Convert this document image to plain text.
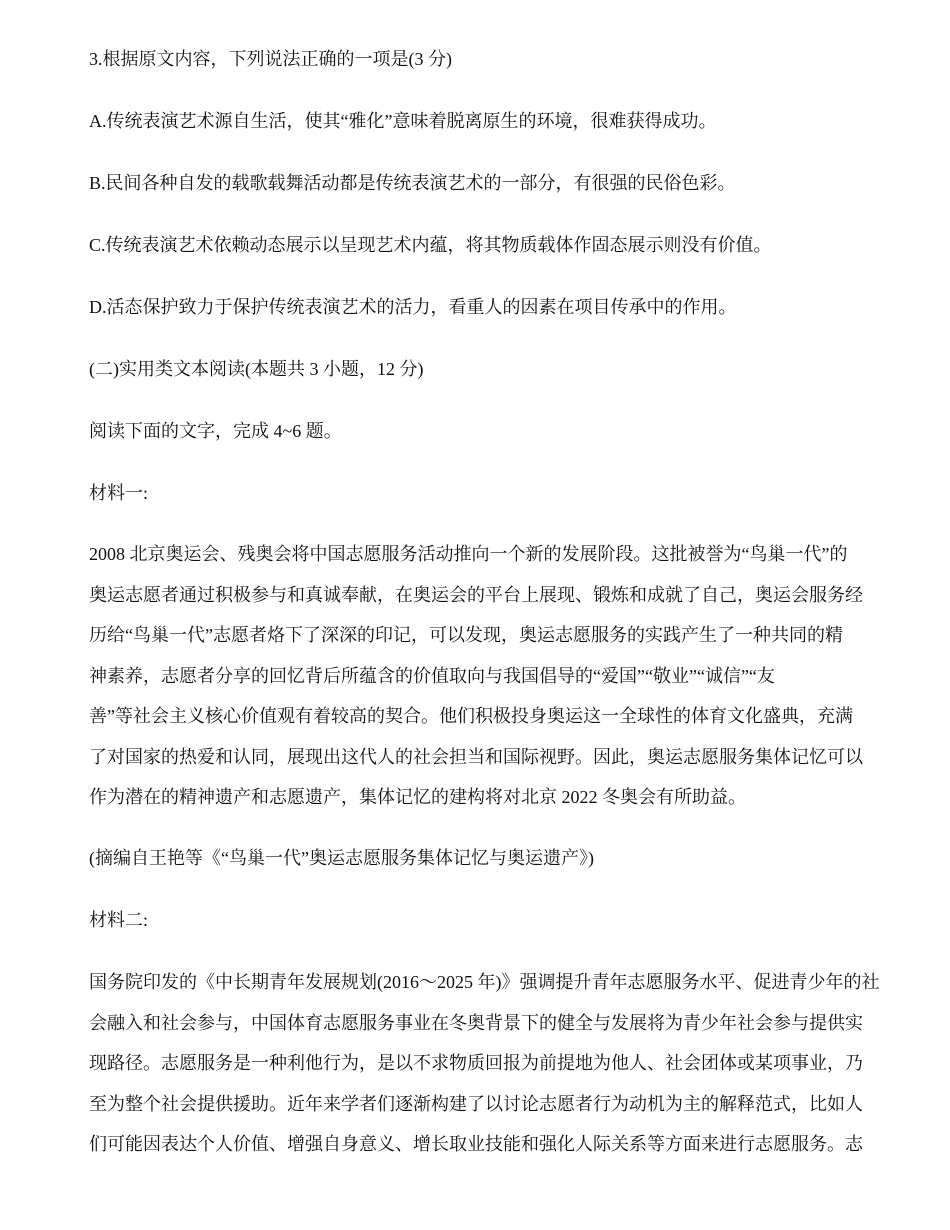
3.根据原文内容，下列说法正确的一项是(3 分)
A.传统表演艺术源自生活，使其“雅化”意味着脱离原生的环境，很难获得成功。
B.民间各种自发的载歌载舞活动都是传统表演艺术的一部分，有很强的民俗色彩。
C.传统表演艺术依赖动态展示以呈现艺术内蕴，将其物质载体作固态展示则没有价值。
D.活态保护致力于保护传统表演艺术的活力，看重人的因素在项目传承中的作用。
(二)实用类文本阅读(本题共 3 小题，12 分)
阅读下面的文字，完成 4~6 题。
材料一:
2008 北京奥运会、残奥会将中国志愿服务活动推向一个新的发展阶段。这批被誉为“鸟巢一代”的
奥运志愿者通过积极参与和真诚奉献，在奥运会的平台上展现、锻炼和成就了自己，奥运会服务经
历给“鸟巢一代”志愿者烙下了深深的印记，可以发现，奥运志愿服务的实践产生了一种共同的精
神素养，志愿者分享的回忆背后所蕴含的价值取向与我国倡导的“爱国”“敬业”“诚信”“友
善”等社会主义核心价值观有着较高的契合。他们积极投身奥运这一全球性的体育文化盛典，充满
了对国家的热爱和认同，展现出这代人的社会担当和国际视野。因此，奥运志愿服务集体记忆可以
作为潜在的精神遗产和志愿遗产，集体记忆的建构将对北京 2022 冬奥会有所助益。
(摘编自王艳等《“鸟巢一代”奥运志愿服务集体记忆与奥运遗产》)
材料二:
国务院印发的《中长期青年发展规划(2016～2025 年)》强调提升青年志愿服务水平、促进青少年的社
会融入和社会参与，中国体育志愿服务事业在冬奥背景下的健全与发展将为青少年社会参与提供实
现路径。志愿服务是一种利他行为，是以不求物质回报为前提地为他人、社会团体或某项事业，乃
至为整个社会提供援助。近年来学者们逐渐构建了以讨论志愿者行为动机为主的解释范式，比如人
们可能因表达个人价值、增强自身意义、增长取业技能和强化人际关系等方面来进行志愿服务。志
